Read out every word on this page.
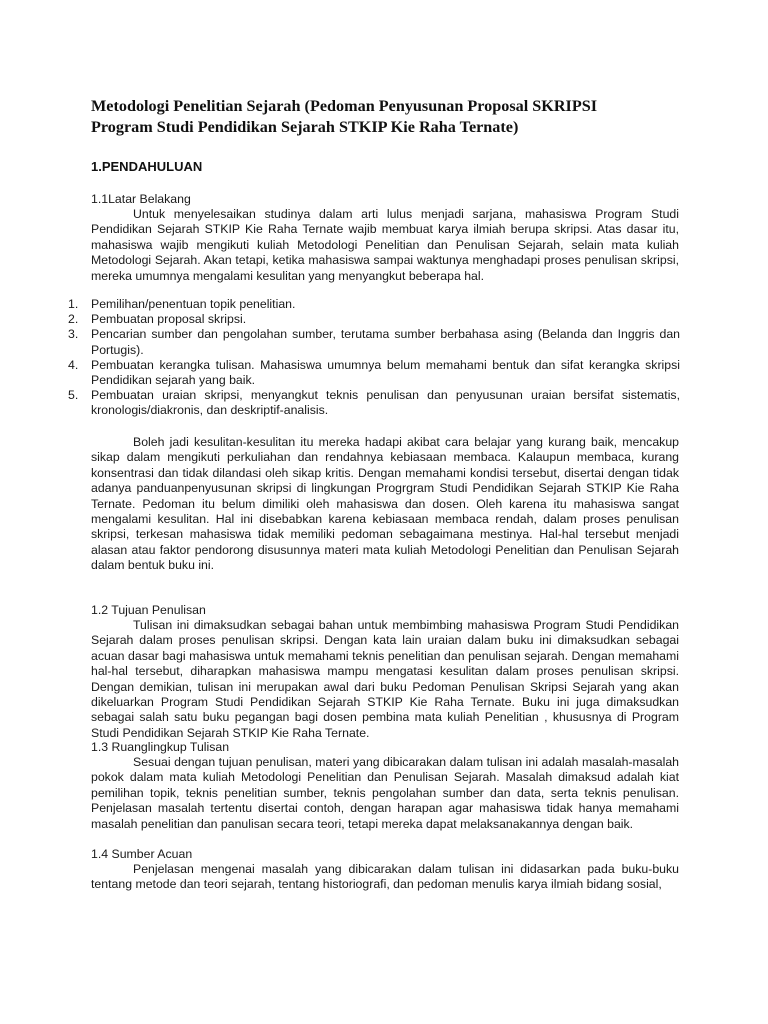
Metodologi Penelitian Sejarah (Pedoman Penyusunan Proposal SKRIPSI
Program Studi Pendidikan Sejarah STKIP Kie Raha Ternate)
1.PENDAHULUAN
1.1Latar Belakang

Untuk menyelesaikan studinya dalam arti lulus menjadi sarjana, mahasiswa Program Studi Pendidikan Sejarah STKIP Kie Raha Ternate wajib membuat karya ilmiah berupa skripsi. Atas dasar itu, mahasiswa wajib mengikuti kuliah Metodologi Penelitian dan Penulisan Sejarah, selain mata kuliah Metodologi Sejarah. Akan tetapi, ketika mahasiswa sampai waktunya menghadapi proses penulisan skripsi, mereka umumnya mengalami kesulitan yang menyangkut beberapa hal.

1. Pemilihan/penentuan topik penelitian.
2. Pembuatan proposal skripsi.
3. Pencarian sumber dan pengolahan sumber, terutama sumber berbahasa asing (Belanda dan Inggris dan Portugis).
4. Pembuatan kerangka tulisan. Mahasiswa umumnya belum memahami bentuk dan sifat kerangka skripsi Pendidikan sejarah yang baik.
5. Pembuatan uraian skripsi, menyangkut teknis penulisan dan penyusunan uraian bersifat sistematis, kronologis/diakronis, dan deskriptif-analisis.

Boleh jadi kesulitan-kesulitan itu mereka hadapi akibat cara belajar yang kurang baik, mencakup sikap dalam mengikuti perkuliahan dan rendahnya kebiasaan membaca. Kalaupun membaca, kurang konsentrasi dan tidak dilandasi oleh sikap kritis. Dengan memahami kondisi tersebut, disertai dengan tidak adanya panduanpenyusunan skripsi di lingkungan Progrgram Studi Pendidikan Sejarah STKIP Kie Raha Ternate. Pedoman itu belum dimiliki oleh mahasiswa dan dosen. Oleh karena itu mahasiswa sangat mengalami kesulitan. Hal ini disebabkan karena kebiasaan membaca rendah, dalam proses penulisan skripsi, terkesan mahasiswa tidak memiliki pedoman sebagaimana mestinya. Hal-hal tersebut menjadi alasan atau faktor pendorong disusunnya materi mata kuliah Metodologi Penelitian dan Penulisan Sejarah dalam bentuk buku ini.

1.2 Tujuan Penulisan

Tulisan ini dimaksudkan sebagai bahan untuk membimbing mahasiswa Program Studi Pendidikan Sejarah dalam proses penulisan skripsi. Dengan kata lain uraian dalam buku ini dimaksudkan sebagai acuan dasar bagi mahasiswa untuk memahami teknis penelitian dan penulisan sejarah. Dengan memahami hal-hal tersebut, diharapkan mahasiswa mampu mengatasi kesulitan dalam proses penulisan skripsi. Dengan demikian, tulisan ini merupakan awal dari buku Pedoman Penulisan Skripsi Sejarah yang akan dikeluarkan Program Studi Pendidikan Sejarah STKIP Kie Raha Ternate. Buku ini juga dimaksudkan sebagai salah satu buku pegangan bagi dosen pembina mata kuliah Penelitian , khususnya di Program Studi Pendidikan Sejarah STKIP Kie Raha Ternate.

1.3 Ruanglingkup Tulisan

Sesuai dengan tujuan penulisan, materi yang dibicarakan dalam tulisan ini adalah masalah-masalah pokok dalam mata kuliah Metodologi Penelitian dan Penulisan Sejarah. Masalah dimaksud adalah kiat pemilihan topik, teknis penelitian sumber, teknis pengolahan sumber dan data, serta teknis penulisan. Penjelasan masalah tertentu disertai contoh, dengan harapan agar mahasiswa tidak hanya memahami masalah penelitian dan panulisan secara teori, tetapi mereka dapat melaksanakannya dengan baik.

1.4 Sumber Acuan

Penjelasan mengenai masalah yang dibicarakan dalam tulisan ini didasarkan pada buku-buku tentang metode dan teori sejarah, tentang historiografi, dan pedoman menulis karya ilmiah bidang sosial,
